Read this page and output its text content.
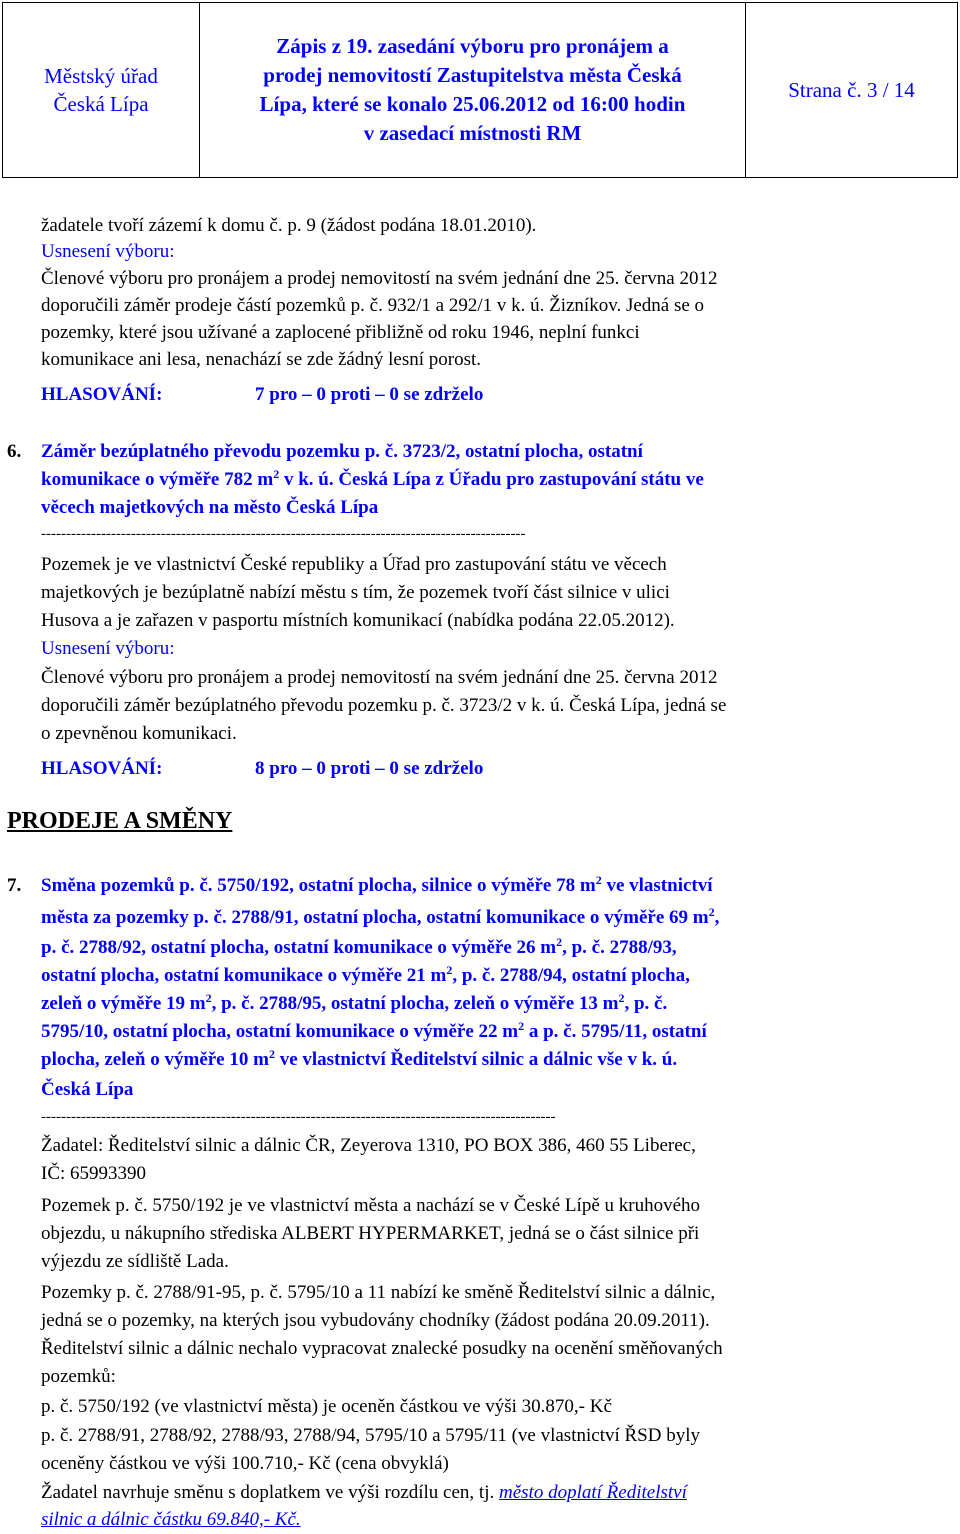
Městský úřad
Česká Lípa
Zápis z 19. zasedání výboru pro pronájem a
prodej nemovitostí Zastupitelstva města Česká
Lípa, které se konalo 25.06.2012 od 16:00 hodin
v zasedací místnosti RM
Strana č. 3 / 14
žadatele tvoří zázemí k domu č. p. 9 (žádost podána 18.01.2010).
Usnesení výboru:
Členové výboru pro pronájem a prodej nemovitostí na svém jednání dne 25. června 2012
doporučili záměr prodeje částí pozemků p. č. 932/1 a 292/1 v k. ú. Žizníkov. Jedná se o
pozemky, které jsou užívané a zaplocené přibližně od roku 1946, neplní funkci
komunikace ani lesa, nenachází se zde žádný lesní porost.
HLASOVÁNÍ:	7 pro – 0 proti – 0 se zdrželo
6. Záměr bezúplatného převodu pozemku p. č. 3723/2, ostatní plocha, ostatní
komunikace o výměře 782 $m^2$ v k. ú. Česká Lípa z Úřadu pro zastupování státu ve
věcech majetkových na město Česká Lípa
-------------------------------------------------------------------------------------------------
Pozemek je ve vlastnictví České republiky a Úřad pro zastupování státu ve věcech
majetkových je bezúplatně nabízí městu s tím, že pozemek tvoří část silnice v ulici
Husova a je zařazen v pasportu místních komunikací (nabídka podána 22.05.2012).
Usnesení výboru:
Členové výboru pro pronájem a prodej nemovitostí na svém jednání dne 25. června 2012
doporučili záměr bezúplatného převodu pozemku p. č. 3723/2 v k. ú. Česká Lípa, jedná se
o zpevněnou komunikaci.
HLASOVÁNÍ:	8 pro – 0 proti – 0 se zdrželo
PRODEJE A SMĚNY
7. Směna pozemků p. č. 5750/192, ostatní plocha, silnice o výměře 78 $m^2$ ve vlastnictví
města za pozemky p. č. 2788/91, ostatní plocha, ostatní komunikace o výměře 69 $m^2$,
p. č. 2788/92, ostatní plocha, ostatní komunikace o výměře 26 $m^2$, p. č. 2788/93,
ostatní plocha, ostatní komunikace o výměře 21 $m^2$, p. č. 2788/94, ostatní plocha,
zeleň o výměře 19 $m^2$, p. č. 2788/95, ostatní plocha, zeleň o výměře 13 $m^2$, p. č.
5795/10, ostatní plocha, ostatní komunikace o výměře 22 $m^2$ a p. č. 5795/11, ostatní
plocha, zeleň o výměře 10 $m^2$ ve vlastnictví Ředitelství silnic a dálnic vše v k. ú.
Česká Lípa
-------------------------------------------------------------------------------------------------------
Žadatel: Ředitelství silnic a dálnic ČR, Zeyerova 1310, PO BOX 386, 460 55 Liberec,
IČ: 65993390
Pozemek p. č. 5750/192 je ve vlastnictví města a nachází se v České Lípě u kruhového
objezdu, u nákupního střediska ALBERT HYPERMARKET, jedná se o část silnice při
výjezdu ze sídliště Lada.
Pozemky p. č. 2788/91-95, p. č. 5795/10 a 11 nabízí ke směně Ředitelství silnic a dálnic,
jedná se o pozemky, na kterých jsou vybudovány chodníky (žádost podána 20.09.2011).
Ředitelství silnic a dálnic nechalo vypracovat znalecké posudky na ocenění směňovaných
pozemků:
p. č. 5750/192 (ve vlastnictví města) je oceněn částkou ve výši 30.870,- Kč
p. č. 2788/91, 2788/92, 2788/93, 2788/94, 5795/10 a 5795/11 (ve vlastnictví ŘSD byly
oceněny částkou ve výši 100.710,- Kč (cena obvyklá)
Žadatel navrhuje směnu s doplatkem ve výši rozdílu cen, tj. město doplatí Ředitelství
silnic a dálnic částku 69.840,- Kč.
